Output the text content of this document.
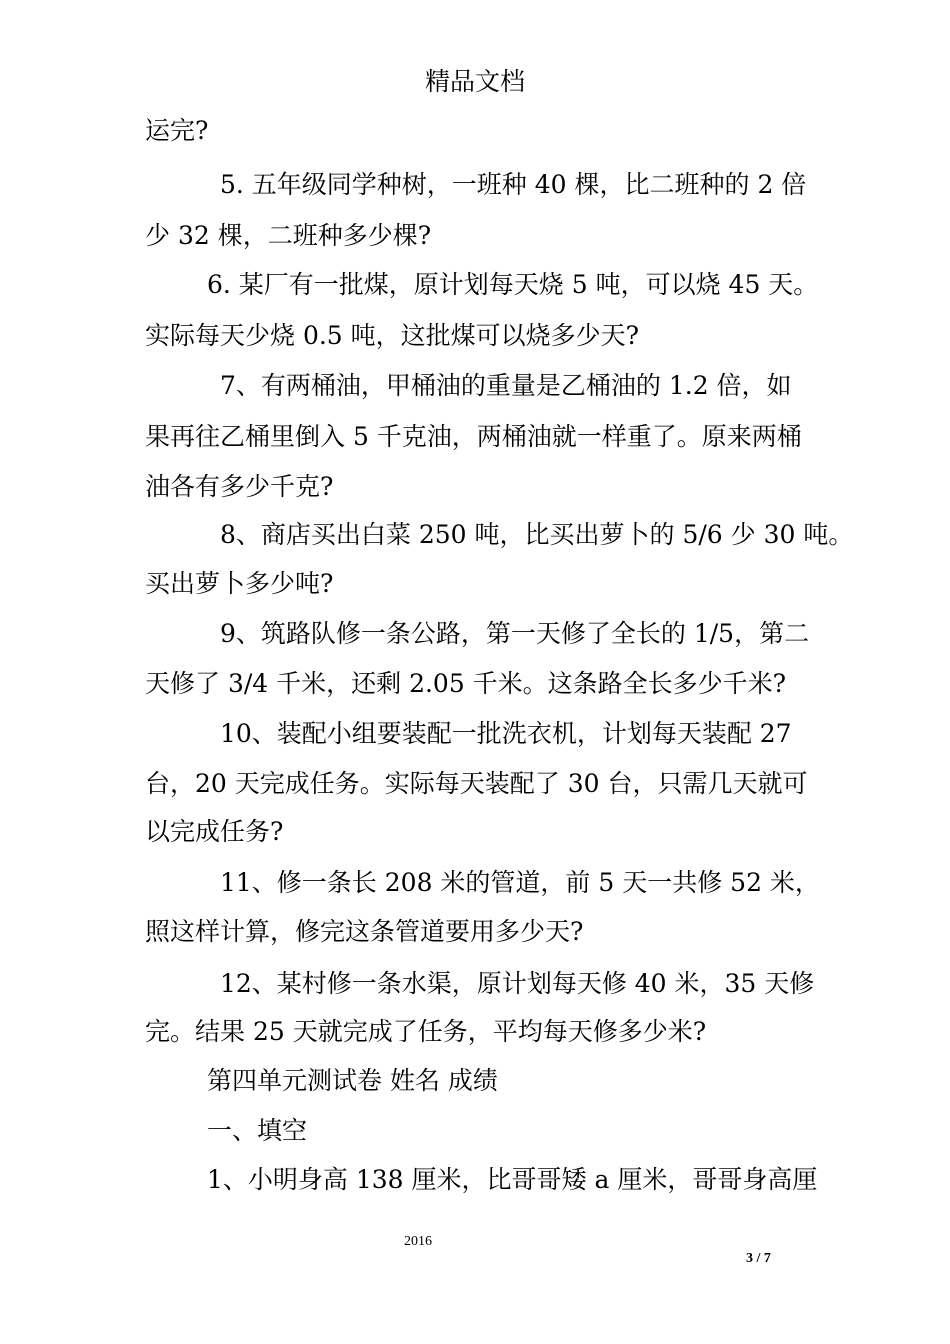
精品文档
运完?
5. 五年级同学种树，一班种 40 棵，比二班种的 2 倍
少 32 棵，二班种多少棵?
6. 某厂有一批煤，原计划每天烧 5 吨，可以烧 45 天。
实际每天少烧 0.5 吨，这批煤可以烧多少天?
7、有两桶油，甲桶油的重量是乙桶油的 1.2 倍，如
果再往乙桶里倒入 5 千克油，两桶油就一样重了。原来两桶
油各有多少千克?
8、商店买出白菜 250 吨，比买出萝卜的 5/6 少 30 吨。
买出萝卜多少吨?
9、筑路队修一条公路，第一天修了全长的 1/5，第二
天修了 3/4 千米，还剩 2.05 千米。这条路全长多少千米?
10、装配小组要装配一批洗衣机，计划每天装配 27
台，20 天完成任务。实际每天装配了 30 台，只需几天就可
以完成任务?
11、修一条长 208 米的管道，前 5 天一共修 52 米，
照这样计算，修完这条管道要用多少天?
12、某村修一条水渠，原计划每天修 40 米，35 天修
完。结果 25 天就完成了任务，平均每天修多少米?
第四单元测试卷 姓名 成绩
一、填空
1、小明身高 138 厘米，比哥哥矮 a 厘米，哥哥身高厘
2016
3 / 7
